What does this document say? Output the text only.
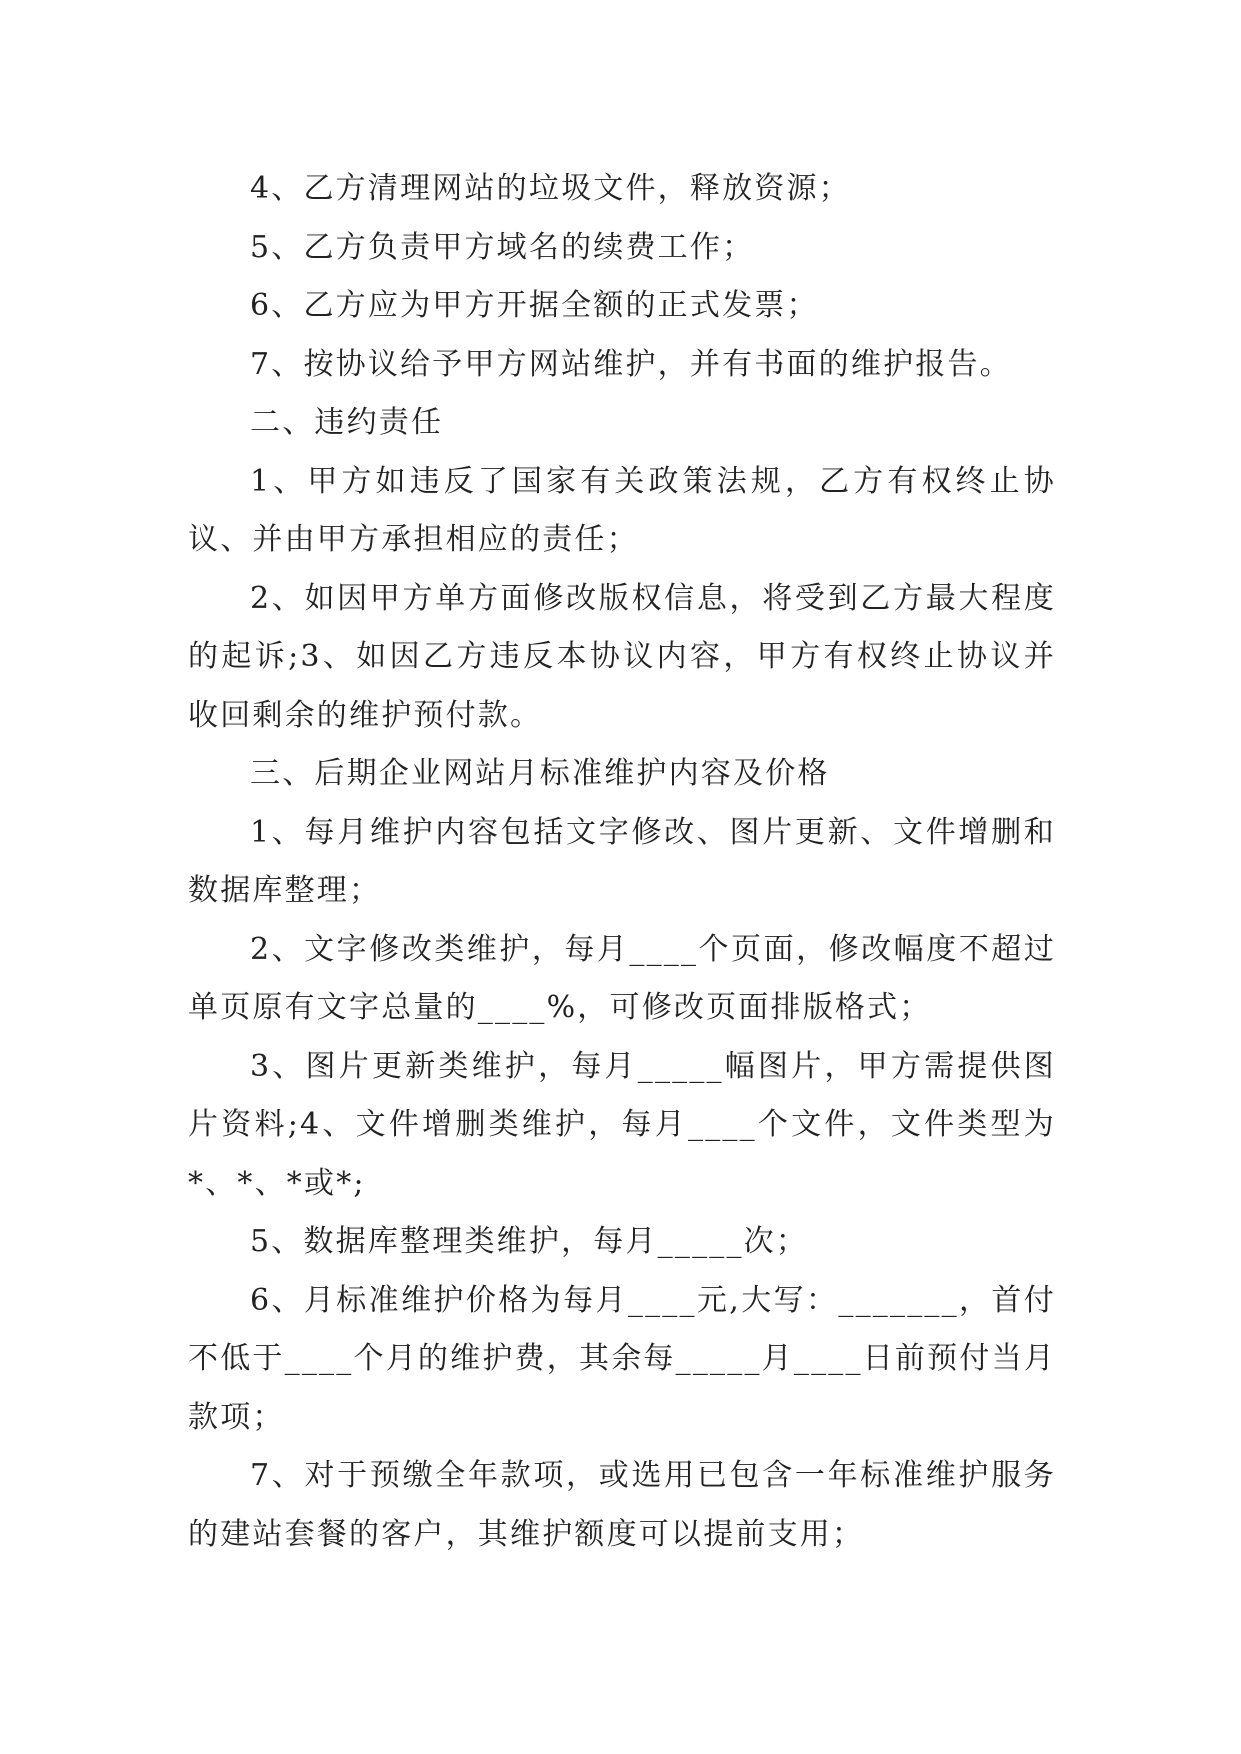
4、乙方清理网站的垃圾文件，释放资源；

5、乙方负责甲方域名的续费工作；

6、乙方应为甲方开据全额的正式发票；

7、按协议给予甲方网站维护，并有书面的维护报告。

二、违约责任

1、甲方如违反了国家有关政策法规，乙方有权终止协议、并由甲方承担相应的责任；

2、如因甲方单方面修改版权信息，将受到乙方最大程度的起诉;3、如因乙方违反本协议内容，甲方有权终止协议并收回剩余的维护预付款。

三、后期企业网站月标准维护内容及价格

1、每月维护内容包括文字修改、图片更新、文件增删和数据库整理；

2、文字修改类维护，每月____个页面，修改幅度不超过单页原有文字总量的____%，可修改页面排版格式；

3、图片更新类维护，每月_____幅图片，甲方需提供图片资料;4、文件增删类维护，每月____个文件，文件类型为*、*、*或*;

5、数据库整理类维护，每月_____次；

6、月标准维护价格为每月____元,大写：_______，首付不低于____个月的维护费，其余每_____月____日前预付当月款项；

7、对于预缴全年款项，或选用已包含一年标准维护服务的建站套餐的客户，其维护额度可以提前支用；
